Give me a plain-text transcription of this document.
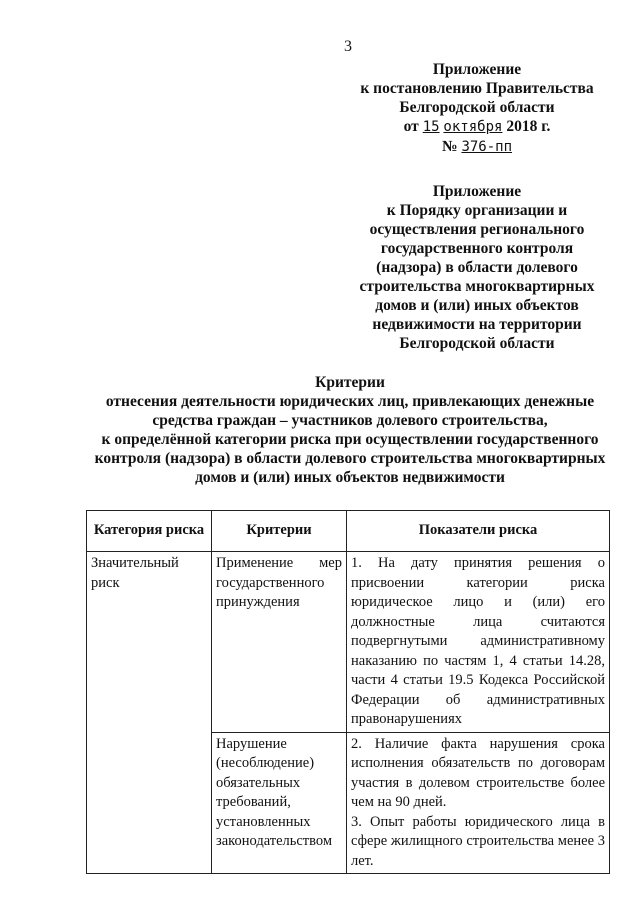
3
Приложение
к постановлению Правительства
Белгородской области
от 15 октября 2018 г.
№ 376-пп
Приложение
к Порядку организации и
осуществления регионального
государственного контроля
(надзора) в области долевого
строительства многоквартирных
домов и (или) иных объектов
недвижимости на территории
Белгородской области
Критерии
отнесения деятельности юридических лиц, привлекающих денежные
средства граждан – участников долевого строительства,
к определённой категории риска при осуществлении государственного
контроля (надзора) в области долевого строительства многоквартирных
домов и (или) иных объектов недвижимости
Категория риска	Критерии	Показатели риска
Значительный риск	Применение мер государственного принуждения	1. На дату принятия решения о присвоении категории риска юридическое лицо и (или) его должностные лица считаются подвергнутыми административному наказанию по частям 1, 4 статьи 14.28, части 4 статьи 19.5 Кодекса Российской Федерации об административных правонарушениях
	Нарушение (несоблюдение) обязательных требований, установленных законодательством	2. Наличие факта нарушения срока исполнения обязательств по договорам участия в долевом строительстве более чем на 90 дней.
3. Опыт работы юридического лица в сфере жилищного строительства менее 3 лет.
